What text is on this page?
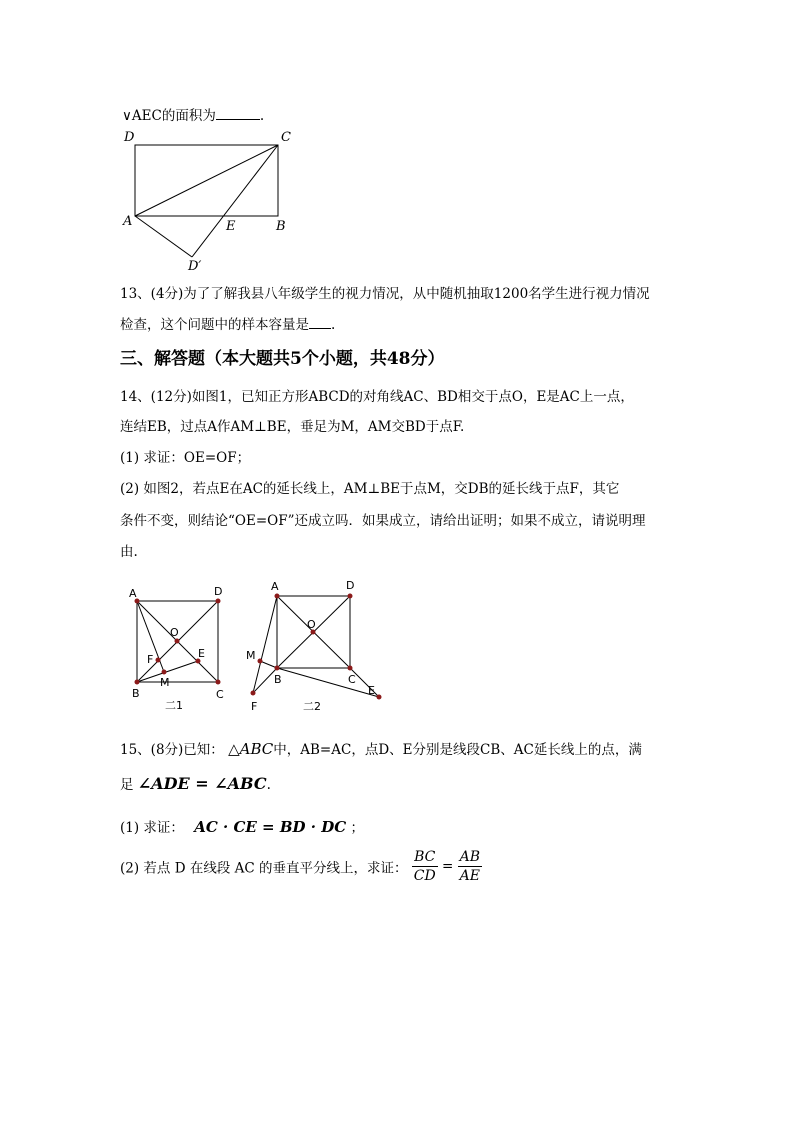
∨AEC的面积为	.
D	C
A	E	B
D′
13、(4分)为了了解我县八年级学生的视力情况，从中随机抽取1200名学生进行视力情况
检查，这个问题中的样本容量是 .
三、解答题（本大题共5个小题，共48分）
14、(12分)如图1，已知正方形ABCD的对角线AC、BD相交于点O，E是AC上一点，
连结EB，过点A作AM⊥BE，垂足为M，AM交BD于点F.
(1) 求证：OE=OF；
(2) 如图2，若点E在AC的延长线上，AM⊥BE于点M，交DB的延长线于点F，其它
条件不变，则结论“OE=OF”还成立吗．如果成立，请给出证明；如果不成立，请说明理
由.
A	D
O
F	E
M
B	C
⼆1
A	D
O
M
B	C
E
F	⼆2
15、(8分)已知： △ABC中，AB=AC，点D、E分别是线段CB、AC延长线上的点，满
足 ∠ADE = ∠ABC.
(1) 求证： AC · CE = BD · DC ；
(2) 若点 D 在线段 AC 的垂直平分线上，求证： $\frac{BC}{CD} = \frac{AB}{AE}$
